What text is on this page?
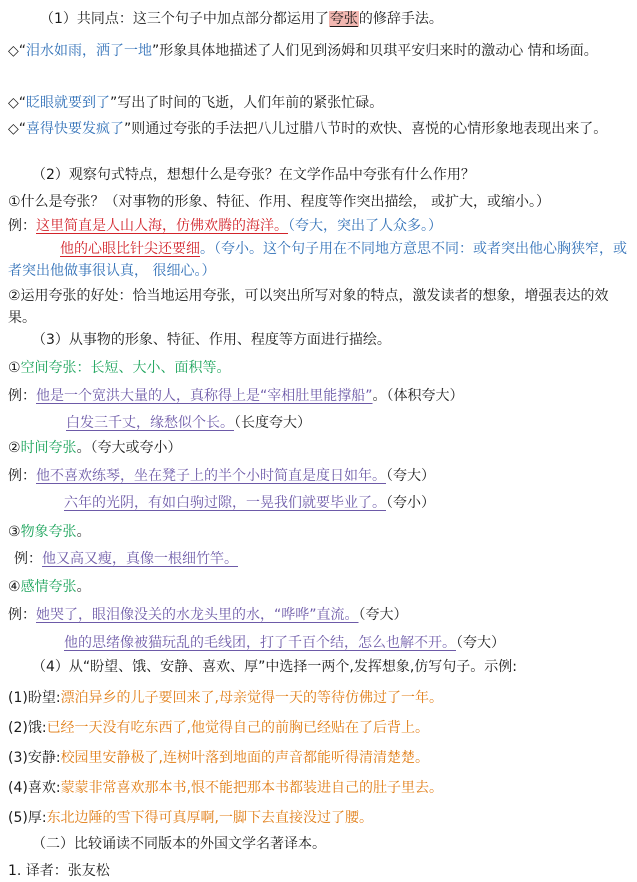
（1）共同点：这三个句子中加点部分都运用了夸张的修辞手法。
◇“泪水如雨，洒了一地”形象具体地描述了人们见到汤姆和贝琪平安归来时的激动心 情和场面。
◇“眨眼就要到了”写出了时间的飞逝，人们年前的紧张忙碌。
◇“喜得快要发疯了”则通过夸张的手法把八儿过腊八节时的欢快、喜悦的心情形象地表现出来了。
（2）观察句式特点，想想什么是夸张？在文学作品中夸张有什么作用？
①什么是夸张？（对事物的形象、特征、作用、程度等作突出描绘， 或扩大，或缩小。）
例：这里简直是人山人海，仿佛欢腾的海洋。（夸大，突出了人众多。）
他的心眼比针尖还要细。（夸小。这个句子用在不同地方意思不同：或者突出他心胸狭窄，或者突出他做事很认真， 很细心。）
②运用夸张的好处：恰当地运用夸张，可以突出所写对象的特点，激发读者的想象，增强表达的效果。
（3）从事物的形象、特征、作用、程度等方面进行描绘。
①空间夸张：长短、大小、面积等。
例：他是一个宽洪大量的人，真称得上是“宰相肚里能撑船”。（体积夸大）
白发三千丈，缘愁似个长。（长度夸大）
②时间夸张。（夸大或夸小）
例：他不喜欢练琴，坐在凳子上的半个小时简直是度日如年。（夸大）
六年的光阴，有如白驹过隙，一晃我们就要毕业了。（夸小）
③物象夸张。
例：他又高又瘦，真像一根细竹竿。
④感情夸张。
例：她哭了，眼泪像没关的水龙头里的水，“哗哗”直流。（夸大）
他的思绪像被猫玩乱的毛线团，打了千百个结，怎么也解不开。（夸大）
（4）从“盼望、饿、安静、喜欢、厚”中选择一两个,发挥想象,仿写句子。示例:
(1)盼望:漂泊异乡的儿子要回来了,母亲觉得一天的等待仿佛过了一年。
(2)饿:已经一天没有吃东西了,他觉得自己的前胸已经贴在了后背上。
(3)安静:校园里安静极了,连树叶落到地面的声音都能听得清清楚楚。
(4)喜欢:蒙蒙非常喜欢那本书,恨不能把那本书都装进自己的肚子里去。
(5)厚:东北边陲的雪下得可真厚啊,一脚下去直接没过了腰。
（二）比较诵读不同版本的外国文学名著译本。
1. 译者：张友松
